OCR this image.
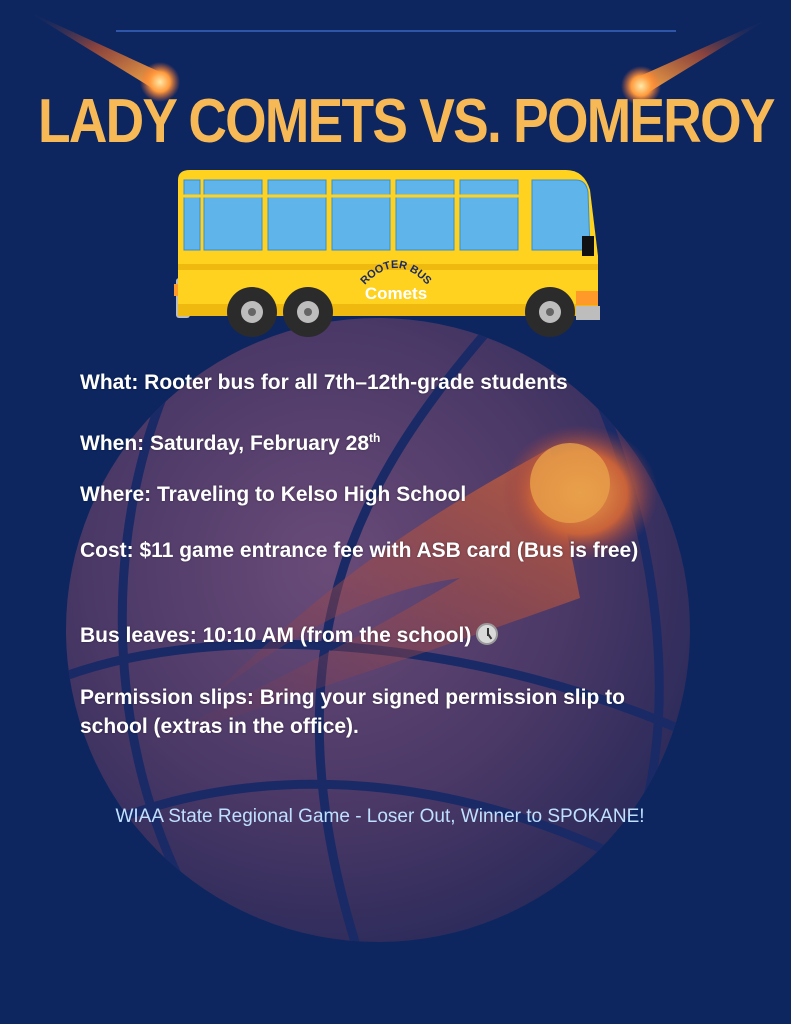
LADY COMETS VS. POMEROY
ROOTER BUS
Comets

What: Rooter bus for all 7th–12th-grade students

When: Saturday, February 28th

Where: Traveling to Kelso High School

Cost: $11 game entrance fee with ASB card (Bus is free)

Bus leaves: 10:10 AM (from the school)

Permission slips: Bring your signed permission slip to school (extras in the office).

WIAA State Regional Game - Loser Out, Winner to SPOKANE!
